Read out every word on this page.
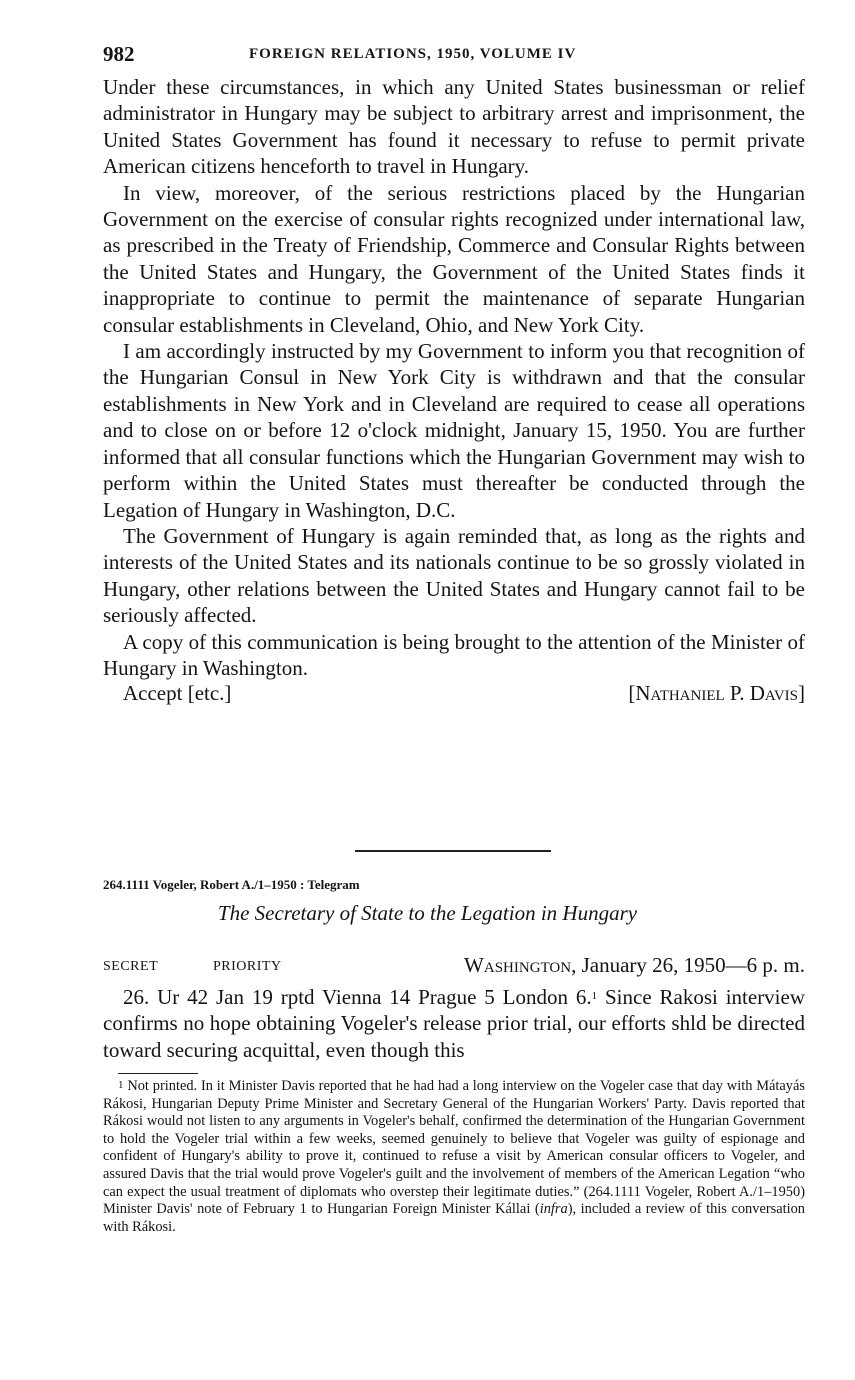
982	FOREIGN RELATIONS, 1950, VOLUME IV

Under these circumstances, in which any United States businessman or relief administrator in Hungary may be subject to arbitrary arrest and imprisonment, the United States Government has found it necessary to refuse to permit private American citizens henceforth to travel in Hungary.

In view, moreover, of the serious restrictions placed by the Hungarian Government on the exercise of consular rights recognized under international law, as prescribed in the Treaty of Friendship, Commerce and Consular Rights between the United States and Hungary, the Government of the United States finds it inappropriate to continue to permit the maintenance of separate Hungarian consular establishments in Cleveland, Ohio, and New York City.

I am accordingly instructed by my Government to inform you that recognition of the Hungarian Consul in New York City is withdrawn and that the consular establishments in New York and in Cleveland are required to cease all operations and to close on or before 12 o'clock midnight, January 15, 1950. You are further informed that all consular functions which the Hungarian Government may wish to perform within the United States must thereafter be conducted through the Legation of Hungary in Washington, D.C.

The Government of Hungary is again reminded that, as long as the rights and interests of the United States and its nationals continue to be so grossly violated in Hungary, other relations between the United States and Hungary cannot fail to be seriously affected.

A copy of this communication is being brought to the attention of the Minister of Hungary in Washington.

Accept [etc.]	[Nathaniel P. Davis]
264.1111 Vogeler, Robert A./1–1950 : Telegram
The Secretary of State to the Legation in Hungary
SECRET	PRIORITY	Washington, January 26, 1950—6 p. m.

26. Ur 42 Jan 19 rptd Vienna 14 Prague 5 London 6.$^1$ Since Rakosi interview confirms no hope obtaining Vogeler's release prior trial, our efforts shld be directed toward securing acquittal, even though this

$^1$ Not printed. In it Minister Davis reported that he had had a long interview on the Vogeler case that day with Mátayás Rákosi, Hungarian Deputy Prime Minister and Secretary General of the Hungarian Workers' Party. Davis reported that Rákosi would not listen to any arguments in Vogeler's behalf, confirmed the determination of the Hungarian Government to hold the Vogeler trial within a few weeks, seemed genuinely to believe that Vogeler was guilty of espionage and confident of Hungary's ability to prove it, continued to refuse a visit by American consular officers to Vogeler, and assured Davis that the trial would prove Vogeler's guilt and the involvement of members of the American Legation “who can expect the usual treatment of diplomats who overstep their legitimate duties.” (264.1111 Vogeler, Robert A./1–1950) Minister Davis' note of February 1 to Hungarian Foreign Minister Kállai (infra), included a review of this conversation with Rákosi.
